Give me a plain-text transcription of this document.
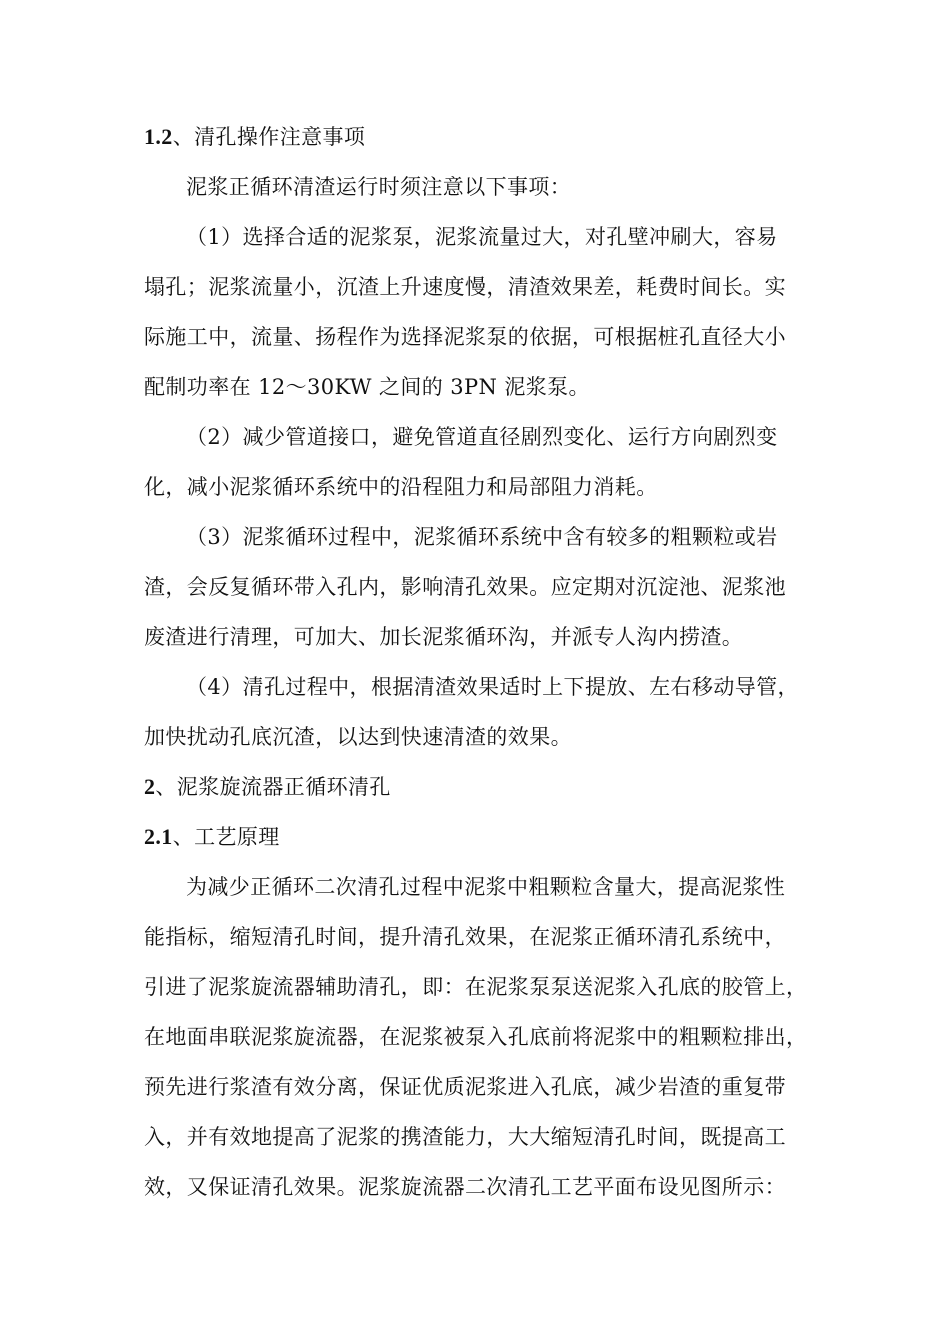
1.2、清孔操作注意事项
泥浆正循环清渣运行时须注意以下事项：
（1）选择合适的泥浆泵，泥浆流量过大，对孔壁冲刷大，容易
塌孔；泥浆流量小，沉渣上升速度慢，清渣效果差，耗费时间长。实
际施工中，流量、扬程作为选择泥浆泵的依据，可根据桩孔直径大小
配制功率在 12～30KW 之间的 3PN 泥浆泵。
（2）减少管道接口，避免管道直径剧烈变化、运行方向剧烈变
化，减小泥浆循环系统中的沿程阻力和局部阻力消耗。
（3）泥浆循环过程中，泥浆循环系统中含有较多的粗颗粒或岩
渣，会反复循环带入孔内，影响清孔效果。应定期对沉淀池、泥浆池
废渣进行清理，可加大、加长泥浆循环沟，并派专人沟内捞渣。
（4）清孔过程中，根据清渣效果适时上下提放、左右移动导管，
加快扰动孔底沉渣，以达到快速清渣的效果。
2、泥浆旋流器正循环清孔
2.1、工艺原理
为减少正循环二次清孔过程中泥浆中粗颗粒含量大，提高泥浆性
能指标，缩短清孔时间，提升清孔效果，在泥浆正循环清孔系统中，
引进了泥浆旋流器辅助清孔，即：在泥浆泵泵送泥浆入孔底的胶管上，
在地面串联泥浆旋流器，在泥浆被泵入孔底前将泥浆中的粗颗粒排出，
预先进行浆渣有效分离，保证优质泥浆进入孔底，减少岩渣的重复带
入，并有效地提高了泥浆的携渣能力，大大缩短清孔时间，既提高工
效，又保证清孔效果。泥浆旋流器二次清孔工艺平面布设见图所示：
